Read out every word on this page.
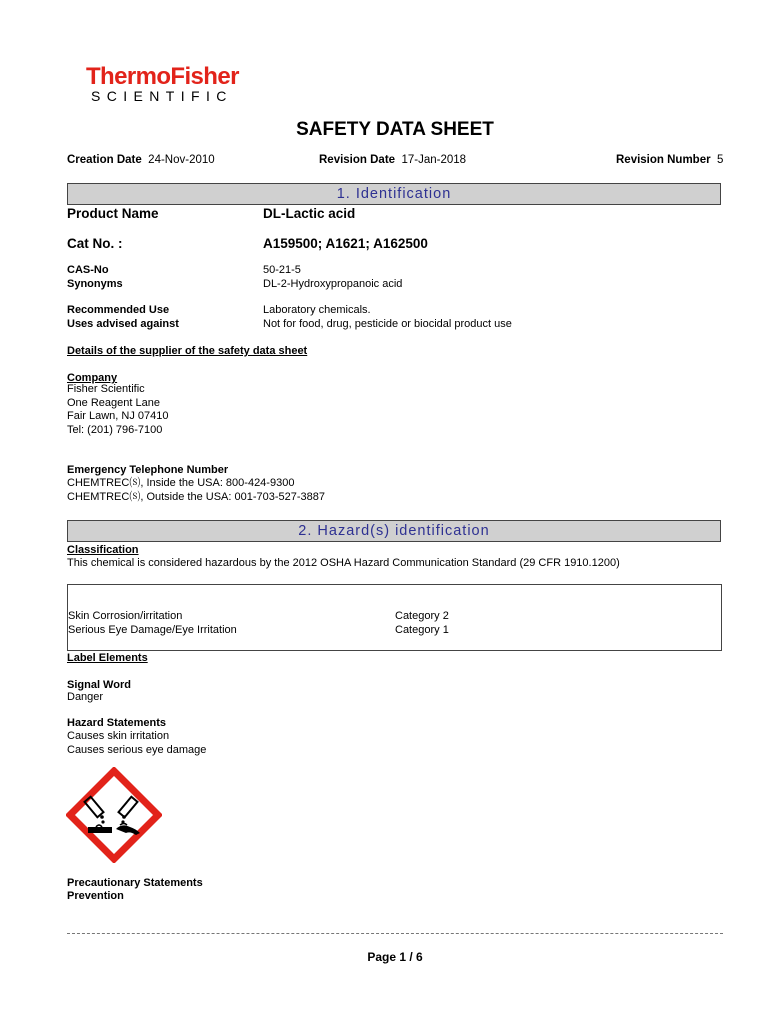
ThermoFisher
SCIENTIFIC
SAFETY DATA SHEET
Creation Date 24-Nov-2010	Revision Date 17-Jan-2018	Revision Number 5
1. Identification
Product Name	DL-Lactic acid
Cat No. :	A159500; A1621; A162500
CAS-No	50-21-5
Synonyms	DL-2-Hydroxypropanoic acid
Recommended Use	Laboratory chemicals.
Uses advised against	Not for food, drug, pesticide or biocidal product use
Details of the supplier of the safety data sheet
Company
Fisher Scientific
One Reagent Lane
Fair Lawn, NJ 07410
Tel: (201) 796-7100
Emergency Telephone Number
CHEMTREC⒮, Inside the USA: 800-424-9300
CHEMTREC⒮, Outside the USA: 001-703-527-3887
2. Hazard(s) identification
Classification
This chemical is considered hazardous by the 2012 OSHA Hazard Communication Standard (29 CFR 1910.1200)
Skin Corrosion/irritation	Category 2
Serious Eye Damage/Eye Irritation	Category 1
Label Elements
Signal Word
Danger
Hazard Statements
Causes skin irritation
Causes serious eye damage
Precautionary Statements
Prevention
Page 1 / 6
